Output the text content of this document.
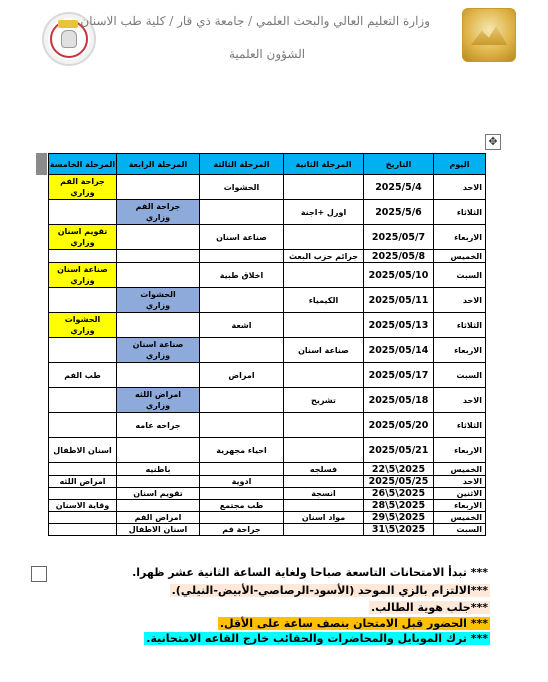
وزارة التعليم العالي والبحث العلمي / جامعة ذي قار / كلية طب الاسنان
الشؤون العلمية
✥
اليوم	التاريخ	المرحلة الثانية	المرحلة الثالثة	المرحلة الرابعة	المرحلة الخامسة
الاحد	2025/5/4		الحشوات		جراحة الفم
وزاري
الثلاثاء	2025/5/6	اورل +اجنة		جراحة الفم
وزاري	
الاربعاء	2025/05/7		صناعة اسنان		تقويم اسنان
وزاري
الخميس	2025/05/8	جرائم حزب البعث			
السبت	2025/05/10		اخلاق طبية		صناعة اسنان
وزاري
الاحد	2025/05/11	الكيمياء		الحشوات
وزاري	
الثلاثاء	2025/05/13		اشعة		الحشوات
وزاري
الاربعاء	2025/05/14	صناعة اسنان		صناعة اسنان
وزاري	
السبت	2025/05/17		امراض		طب الفم
الاحد	2025/05/18	تشريح		امراض اللثه
وزاري	
الثلاثاء	2025/05/20			جراحه عامه	
الاربعاء	2025/05/21		احياء مجهرية		اسنان الاطفال
الخميس	2025\5\22	فسلجه		باطنيه	
الاحد	2025/05/25		ادوية		امراض اللثه
الاثنين	2025\5\26	انسجة		تقويم اسنان	
الاربعاء	2025\5\28		طب مجتمع		وقاية الاسنان
الخميس	2025\5\29	مواد اسنان		امراض الفم	
السبت	2025\5\31		جراحة فم	اسنان الاطفال	
*** تبدأ الامتحانات التاسعة صباحا ولغاية الساعة الثانية عشر ظهرا.
***الالتزام بالزي الموحد (الأسود-الرصاصي-الأبيض-النيلي).
***جلب هوية الطالب.
*** الحضور قبل الامتحان بنصف ساعة على الأقل.
*** ترك الموبايل والمحاضرات والحقائب خارج القاعه الامتحانية.
